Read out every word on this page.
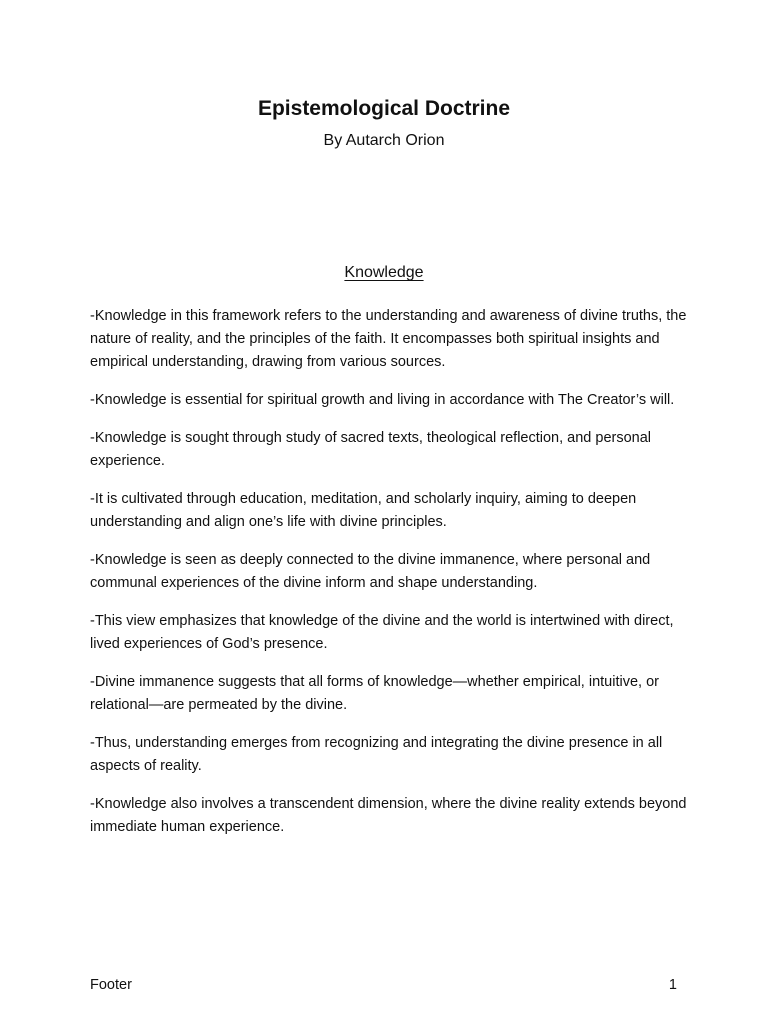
Epistemological Doctrine
By Autarch Orion
Knowledge

-Knowledge in this framework refers to the understanding and awareness of divine truths, the nature of reality, and the principles of the faith. It encompasses both spiritual insights and empirical understanding, drawing from various sources.

-Knowledge is essential for spiritual growth and living in accordance with The Creator’s will.

-Knowledge is sought through study of sacred texts, theological reflection, and personal experience.

-It is cultivated through education, meditation, and scholarly inquiry, aiming to deepen understanding and align one’s life with divine principles.

-Knowledge is seen as deeply connected to the divine immanence, where personal and communal experiences of the divine inform and shape understanding.

-This view emphasizes that knowledge of the divine and the world is intertwined with direct, lived experiences of God’s presence.

-Divine immanence suggests that all forms of knowledge—whether empirical, intuitive, or relational—are permeated by the divine.

-Thus, understanding emerges from recognizing and integrating the divine presence in all aspects of reality.

-Knowledge also involves a transcendent dimension, where the divine reality extends beyond immediate human experience.

Footer	1
